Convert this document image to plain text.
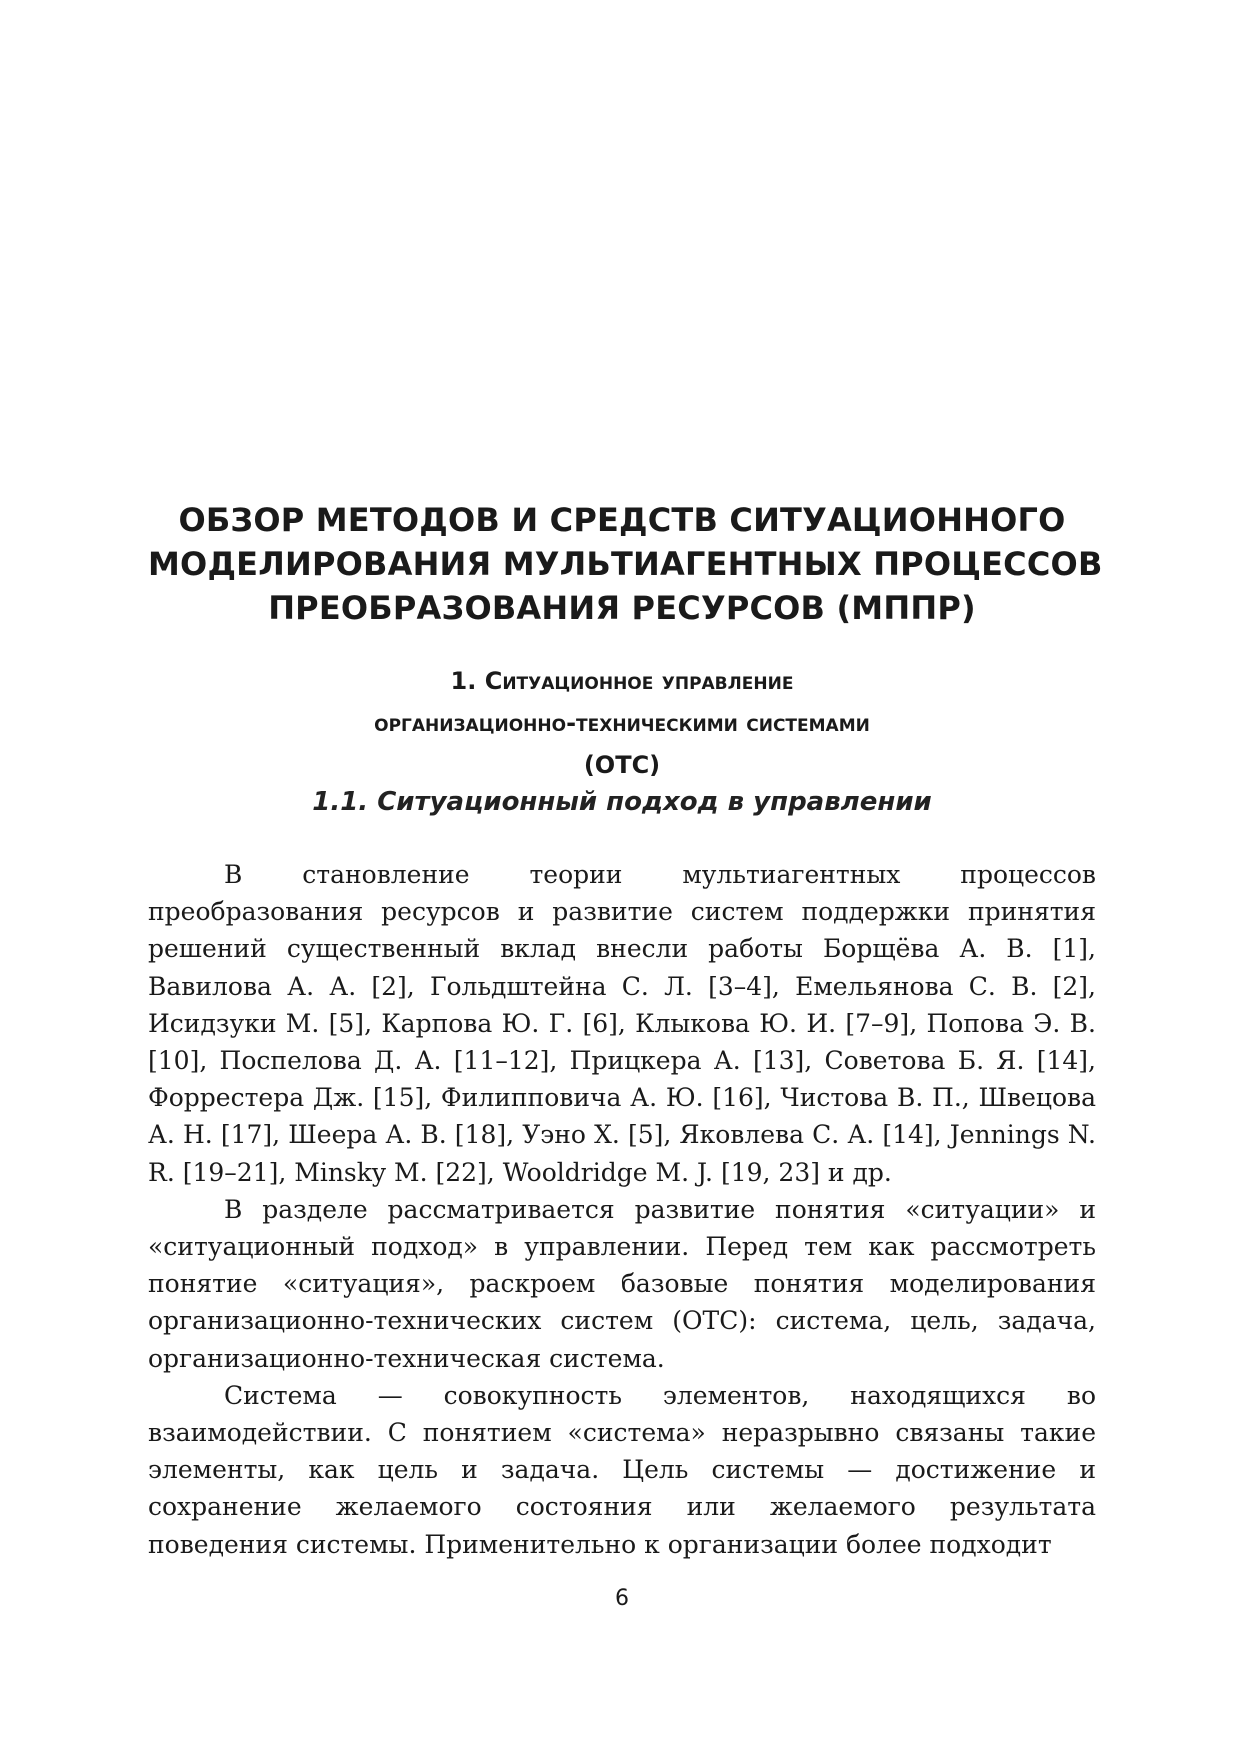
ОБЗОР МЕТОДОВ И СРЕДСТВ СИТУАЦИОННОГО
МОДЕЛИРОВАНИЯ МУЛЬТИАГЕНТНЫХ ПРОЦЕССОВ
ПРЕОБРАЗОВАНИЯ РЕСУРСОВ (МППР)
1. Ситуационное управление
организационно-техническими системами
(ОТС)
1.1. Ситуационный подход в управлении

В становление теории мультиагентных процессов преобразования ресурсов и развитие систем поддержки принятия решений существенный вклад внесли работы Борщёва А. В. [1], Вавилова А. А. [2], Гольдштейна С. Л. [3–4], Емельянова С. В. [2], Исидзуки М. [5], Карпова Ю. Г. [6], Клыкова Ю. И. [7–9], Попова Э. В. [10], Поспелова Д. А. [11–12], Прицкера А. [13], Советова Б. Я. [14], Форрестера Дж. [15], Филипповича А. Ю. [16], Чистова В. П., Швецова А. Н. [17], Шеера А. В. [18], Уэно Х. [5], Яковлева С. А. [14], Jennings N. R. [19–21], Minsky M. [22], Wooldridge M. J. [19, 23] и др.

В разделе рассматривается развитие понятия «ситуации» и «ситуационный подход» в управлении. Перед тем как рассмотреть понятие «ситуация», раскроем базовые понятия моделирования организационно-технических систем (ОТС): система, цель, задача, организационно-техническая система.

Система — совокупность элементов, находящихся во взаимодействии. С понятием «система» неразрывно связаны такие элементы, как цель и задача. Цель системы — достижение и сохранение желаемого состояния или желаемого результата поведения системы. Применительно к организации более подходит

6
